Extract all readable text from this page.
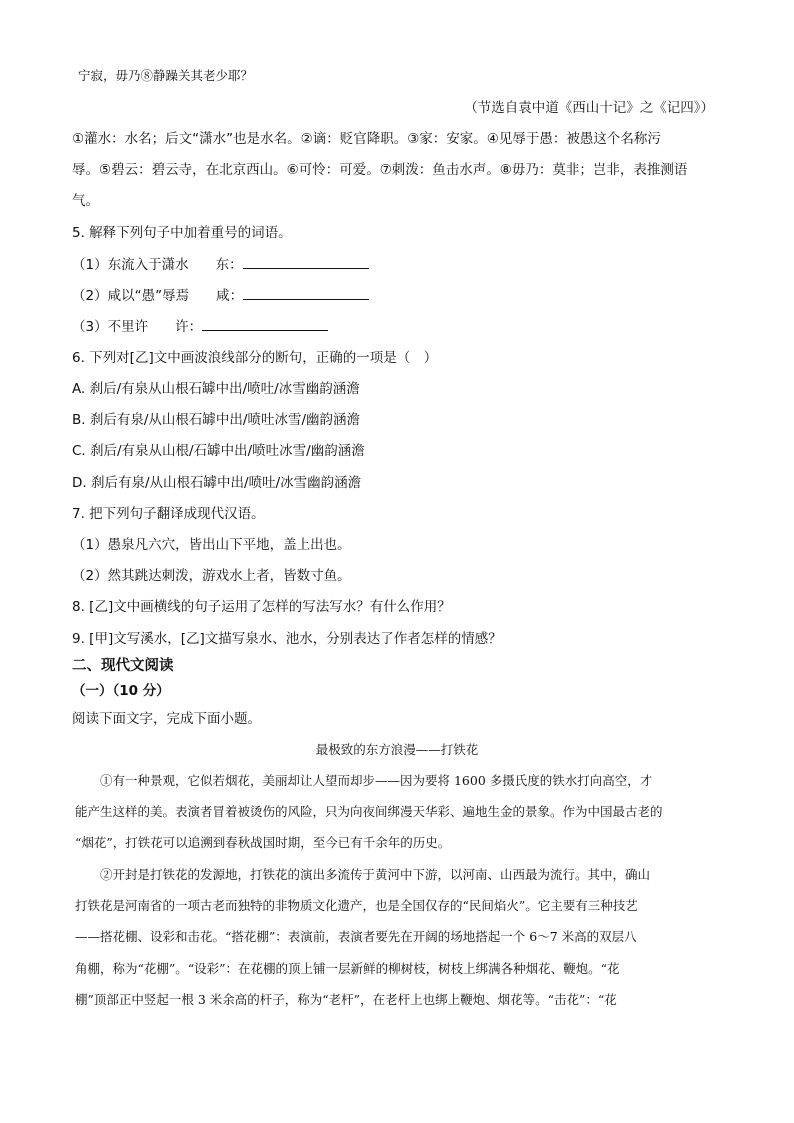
宁寂，毋乃⑧静躁关其老少耶？
（节选自袁中道《西山十记》之《记四》）
①灌水：水名；后文“潇水”也是水名。②谪：贬官降职。③家：安家。④见辱于愚：被愚这个名称污
辱。⑤碧云：碧云寺，在北京西山。⑥可怜：可爱。⑦刺泼：鱼击水声。⑧毋乃：莫非；岂非，表推测语
气。
5. 解释下列句子中加着重号的词语。
（1）东流入于潇水　　东：
（2）咸以“愚”辱焉　　咸：
（3）不里许　　许：
6. 下列对[乙]文中画波浪线部分的断句，正确的一项是（　）
A. 刹后/有泉从山根石罅中出/喷吐/冰雪幽韵涵澹
B. 刹后有泉/从山根石罅中出/喷吐冰雪/幽韵涵澹
C. 刹后/有泉从山根/石罅中出/喷吐冰雪/幽韵涵澹
D. 刹后有泉/从山根石罅中出/喷吐/冰雪幽韵涵澹
7. 把下列句子翻译成现代汉语。
（1）愚泉凡六穴，皆出山下平地，盖上出也。
（2）然其跳达刺泼，游戏水上者，皆数寸鱼。
8. [乙]文中画横线的句子运用了怎样的写法写水？有什么作用？
9. [甲]文写溪水，[乙]文描写泉水、池水，分别表达了作者怎样的情感？
二、现代文阅读
（一）（10 分）
阅读下面文字，完成下面小题。
最极致的东方浪漫——打铁花
①有一种景观，它似若烟花，美丽却让人望而却步——因为要将 1600 多摄氏度的铁水打向高空，才
能产生这样的美。表演者冒着被烫伤的风险，只为向夜间绑漫天华彩、遍地生金的景象。作为中国最古老的
“烟花”，打铁花可以追溯到春秋战国时期，至今已有千余年的历史。
②开封是打铁花的发源地，打铁花的演出多流传于黄河中下游，以河南、山西最为流行。其中，确山
打铁花是河南省的一项古老而独特的非物质文化遗产，也是全国仅存的“民间焰火”。它主要有三种技艺
——搭花棚、设彩和击花。“搭花棚”：表演前，表演者要先在开阔的场地搭起一个 6～7 米高的双层八
角棚，称为“花棚”。“设彩”：在花棚的顶上铺一层新鲜的柳树枝，树枝上绑满各种烟花、鞭炮。“花
棚”顶部正中竖起一根 3 米余高的杆子，称为“老杆”，在老杆上也绑上鞭炮、烟花等。“击花”：“花
